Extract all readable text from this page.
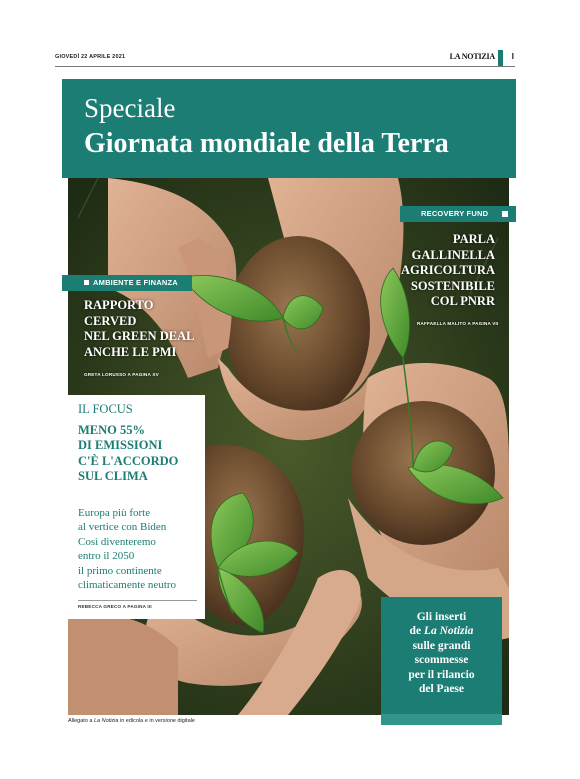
GIOVEDÌ 22 APRILE 2021	LA NOTIZIA I
Speciale
Giornata mondiale della Terra
RECOVERY FUND
PARLA
GALLINELLA
AGRICOLTURA
SOSTENIBILE
COL PNRR
RAFFAELLA MALITO A PAGINA VII
AMBIENTE E FINANZA
RAPPORTO
CERVED
NEL GREEN DEAL
ANCHE LE PMI
GRETA LORUSSO A PAGINA XV
IL FOCUS
MENO 55%
DI EMISSIONI
C'È L'ACCORDO
SUL CLIMA
Europa più forte
al vertice con Biden
Così diventeremo
entro il 2050
il primo continente
climaticamente neutro
REBECCA GRECO A PAGINA III
Gli inserti
de La Notizia
sulle grandi
scommesse
per il rilancio
del Paese
Allegato a La Notizia in edicola e in versione digitale
